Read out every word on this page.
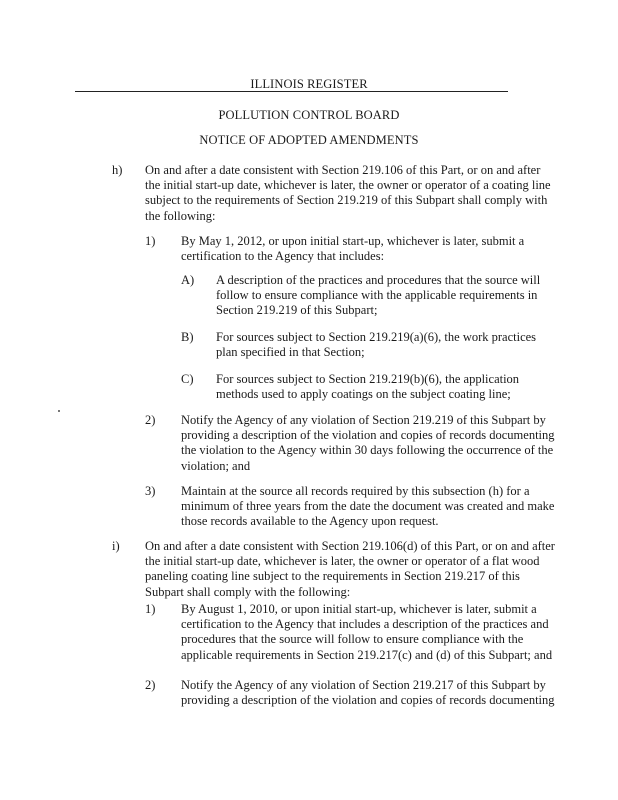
ILLINOIS REGISTER
POLLUTION CONTROL BOARD
NOTICE OF ADOPTED AMENDMENTS
h) On and after a date consistent with Section 219.106 of this Part, or on and after

the initial start-up date, whichever is later, the owner or operator of a coating line

subject to the requirements of Section 219.219 of this Subpart shall comply with

the following:

1) By May 1, 2012, or upon initial start-up, whichever is later, submit a

certification to the Agency that includes:

A) A description of the practices and procedures that the source will

follow to ensure compliance with the applicable requirements in

Section 219.219 of this Subpart;

B) For sources subject to Section 219.219(a)(6), the work practices

plan specified in that Section;

C) For sources subject to Section 219.219(b)(6), the application

methods used to apply coatings on the subject coating line;

2) Notify the Agency of any violation of Section 219.219 of this Subpart by

providing a description of the violation and copies of records documenting

the violation to the Agency within 30 days following the occurrence of the

violation; and

3) Maintain at the source all records required by this subsection (h) for a

minimum of three years from the date the document was created and make

those records available to the Agency upon request.

i) On and after a date consistent with Section 219.106(d) of this Part, or on and after

the initial start-up date, whichever is later, the owner or operator of a flat wood

paneling coating line subject to the requirements in Section 219.217 of this

Subpart shall comply with the following:

1) By August 1, 2010, or upon initial start-up, whichever is later, submit a

certification to the Agency that includes a description of the practices and

procedures that the source will follow to ensure compliance with the

applicable requirements in Section 219.217(c) and (d) of this Subpart; and

2) Notify the Agency of any violation of Section 219.217 of this Subpart by

providing a description of the violation and copies of records documenting
